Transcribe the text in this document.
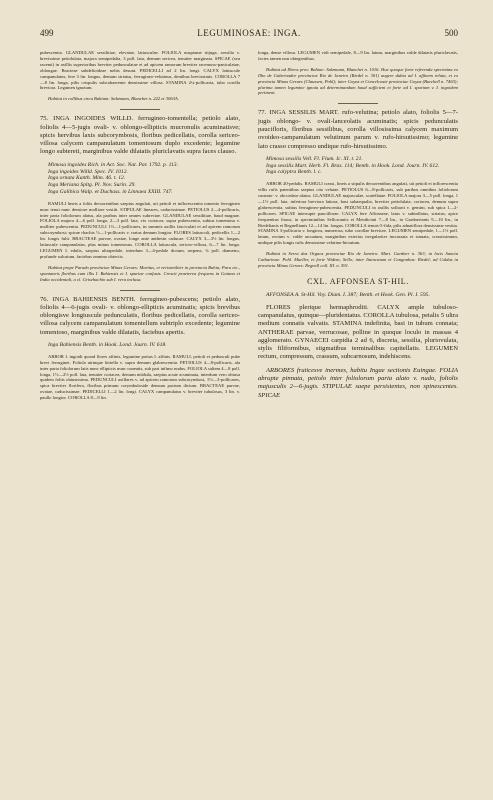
499	LEGUMINOSAE: INGA.	500

pubescentia. GLANDULAE sessilitiae, elevatae, latiusculae. FOLIOLA nuspiame trijuga, sessilia v. brevissime petiolulata, majora semipedalia, 3 poll. lata, demum sericea, tenuiter marginata. SPICAE (seu racemi) in axillis superioribus breviter pedunculatae et ad apicem ramorum breviter racemoso-paniculatae, oblongae. Bracteae subdeltoideae nobis desunt. PEDICELLI ad 2 lin. longi. CALYX latiuscule campanulatus, fere 3 lin. longus, demum striatus, ferrugineo-velutinus, dentibus brevissimis. COROLLA 7—8 lin. longa, pilis crispulis subcohaerente densissime villosa. STAMINA 2¼-pollicaria, tubo corolla breviora. Legumen ignotum.

Habitat in collibus circa Bahiam: Salzmann, Blanchet n. 222 et 3063A.

75. INGA INGOIDES WILLD. ferrugineo-tomentella; petiolo alato, foliolis 4—5-jugis ovali- v. oblongo-ellipticis mucronulis acuminatisve; spicis hervibus laxis subcorymbosis, floribus pedicellatis, corolla sericeo-villosa calycem campanulatum tomentosum duplo excedente; legumine longo subtereti, marginibus valde dilatatis pluriclavatis supra faces clauso.

Mimosa ingoides Rich. in Act. Soc. Nat. Par. 1792. p. 113.

Inga ingoides Willd. Spec. IV. 1012.

Inga ornata Kunth. Mim. 46. t. 12.

Inga Meriana Spltg. Pl. Nov. Surin. 29.

Inga Galibica Walp. et Duchass. in Linnaea XXIII. 747.

RAMULI lineis a foliis decurrentibus saepius angulati, uti petioli et inflorescentia tomento ferrugineo nunc tenui nunc densiore molliore vestiti. STIPULAE lineares, caducissimae. PETIOLUS 2—4-pollicaris, inter paria foliolorum alatus, ala paribus inter omnes subrectae. GLANDULAE sessilitiae, haud magnae. FOLIOLA majora 4—6 poll. longa, 2—3 poll. lata, vix coriacea, supra pubescentia, subtus tomentosa v. molliter pubescentia. PEDUNCULI 1½—1-pollicares, in summis axillis fasciculati et ad apicem ramorum subcorymbosi; spicae rhachis ½—1-pollicaris v. rarius demum longior. FLORES latiusculi, pedicellis 1—2 lin. longis fulti. BRACTEAE parvae, ovatae, longe ante anthesin caducae. CALYX 3—3½ lin. longus, latiuscule campanulatus, plus minus tomentosus. COROLLA latiuscula, sericeo-villosa, 6—7 lin. longa. LEGUMEN I. edulis, saepius ultrapedale, interdum 3—4-pedale dictum, serpens, ¾ poll. diametro, profunde sulcatum, faciebus omnino obtectis.

Habitat prope Parado provinciae Minas Geraes: Martius, et verisimiliter in provincia Bahia; Para etc., spontaneis floribus cum illis I. Bahiensis et I. spuriae confusis. Crescit praeterea frequens in Guiana et India occidentali, a cl. Grisebachio sub I. vera inclusa.

76. INGA BAHIENSIS BENTH. ferrugineo-pubescens; petiolo alato, foliolis 4—6-jugis ovali- v. oblongo-ellipticis acuminatis; spicis brevibus oblongisve longiuscule pedunculatis, floribus pedicellatis, corolla sericeo-villosa calycem campanulatum tomentellum subtriplo excedente; legumine tomentoso, marginibus valde dilatatis, faciebus apertis.

Inga Bahiensis Benth. in Hook. Lond. Journ. IV. 618.

ARBOR I. ingoidi quoad flores affinis, legumine potius I. affinis. RAMULI, petioli et pedunculi pube brevi ferruginei. Foliola utrinque hirtella v. supra demum glabrescentia. PETIOLUS 4—8-pollicaris, ala inter paria foliolorum latis nunc ellipticis nunc cuneatis, sub pari infimo nudus. FOLIOLA saltem 4—8 poll. longa, 1½—2½ poll. lata, tenuiter coriacea, demum nitidula, saepius acute acuminata, interdum vero obtusa quidem foliis obtusissima. PEDUNCULI axillares v. ad apicem ramorum subcorymbosi, 1½—3-pollicares, spica breviter florifera, floribus primum corymbuloside densum pactum dictum. BRACTEAE parvae, ovatae, caducissimae. PEDICELLI 1—2 lin. longi. CALYX campanulatus v. breviter tubulosus, 3 lin. v. paullo longior. COROLLA 8—9 lin.

longa, dense villosa. LEGUMEN vidi semipedale, 8—9 lin. latum, marginibus valde dilatatis pluriclavatis, facies tamen non obtegentibus.

Habitat ad Ilheos prov. Bahiae: Salzmann, Blanchet n. 1016. Hue quoque forte referenda specimina ex Ilho de Gubernador provinciae Rio de Janeiro (Riedel n. 301) augere dubia ad I. affinem relata, et ex provincia Minas Geraes (Claussen, Pohl); inter Goyaz et Concelcaste provinciae Goyaz (Burchell n. 7463); plurima tamen legumine ignota ad determinandum haud sufficient et forte ad I. spuriam v. I. ingoidem pertinent.

77. INGA SESSILIS MART. rufo-velutina; petiolo alato, foliolis 5—7-jugis oblongo- v. ovali-lanceolatis acuminatis; spicis pedunculatis paucifloris, floribus sessilibus, corolla villosissima calycem maximum ovoideo-campanulatum velutinum parum v. rufo-hirsutissimo; legumine lato crasso compresso undique rufo-hirsutissimo.

Mimosa sessilis Vell. Fl. Flum. Ic. XI. t. 21.

Inga sessilis Mart. Herb. Fl. Bras. 114; Benth. in Hook. Lond. Journ. IV. 612.

Inga calyptra Benth. l. c.

ARBOR 20-pedalis. RAMULI crassi, lineis a stipulis decurrentibus angulati, uti petioli et inflorescentia villis rufis patentibus saepius cito velatae. PETIOLUS 6—8-pollicaris, sub paribus omnibus foliolorum cuneato- v. obcordato-alatus. GLANDULAE majusculae, scutellatae. FOLIOLA majora 3—5 poll. longa, 1—1½ poll. lata, inferiora breviora latiora, basi subaequalia, breviter petiolulata, coriacea, demum supra glabrescentia, subtus ferrugineo-pubescentia. PEDUNCULI in axillis solitarii v. gemini, sub spica 1—2-pollicares. SPICAE interrupte pauciflorae. CALYX fere Affonseae, latus v. subinflatus, striatus, apice frequentius fissus, in speciminibus Sellowaniis et Mendicinii 7—8 lin., in Gardnerianis 9—10 lin., in Riedelianis et Regnellianis 12—14 lin. longus. COROLLA tenuis-5-fida, pilis adnatiflora densissime vestita. STAMINA 3-pollicaria v. longiora, numerosa, tubo corollae breviore. LEGUMEN semipedale, 1—1½ poll. latum, rectum v. valde arcuatum, marginibus exterius irregulariter incrassata et sinuata, crassissimum, undique pilis longis rufis densissime velutino-hirsutum.

Habitat in Serra das Orgaos provinciae Rio de Janeiro: Mart. Gardner n. 363; in locis Sancta Catharinae: Pohl. Mueller, et forte Widem; Sello; inter Itarocatum et Congonhas: Riedel; ad Caldas in provincia Minas Geraes: Regnell coll. III. n. 591.

CXL. AFFONSEA ST-HIL.

AFFONSEA A. St-Hil. Voy. Diam. I. 387; Benth. et Hook. Gen. Pl. I. 595.

FLORES plerique hermaphroditi. CALYX ample tubuloso-campanulatus, quinque—pluridentatus. COROLLA tubulosa, petalis 5 ultra medium connatis valvatis. STAMINA indefinita, basi in tubum connata; ANTHERAE parvae, verrucosae, polline in quoque loculo in massas 4 agglomerato. GYNAECEI carpidia 2 ad 6, discreta, sessilia, pluriovulata, stylis filiformibus, stigmatibus terminalibus capitellatis. LEGUMEN rectum, compressum, crassum, subcarnosum, indehiscens.

ARBORES fruticesve inermes, habitu Ingae sectionis Euingae. FOLIA abrupte pinnata, petiolo inter foliolorum paria alato v. nudo, foliolis majusculis 2—6-jugis. STIPULAE saepe persistentes, non spinescentes. SPICAE
